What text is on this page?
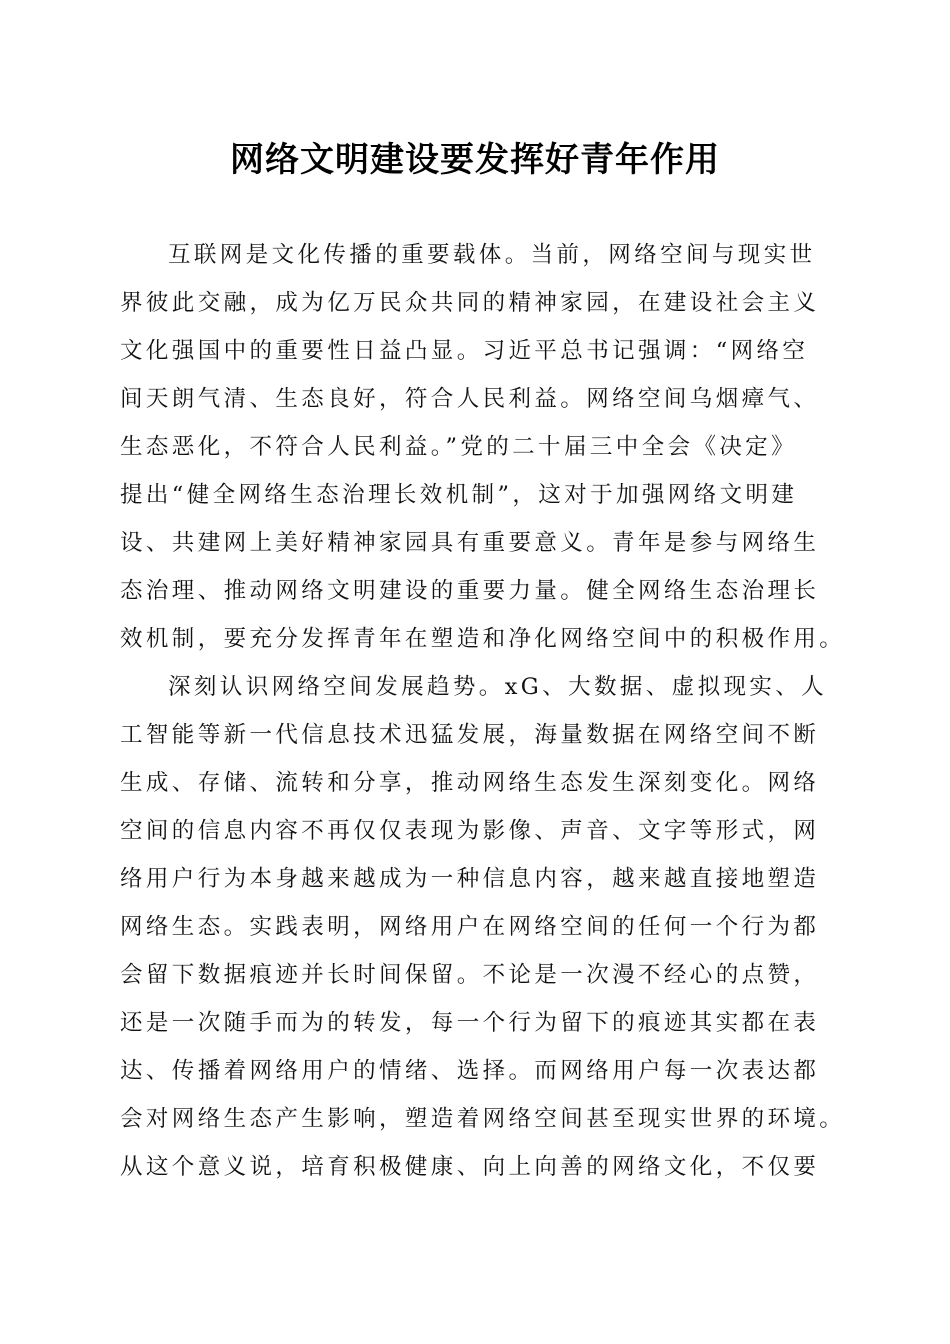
网络文明建设要发挥好青年作用

互联网是文化传播的重要载体。当前，网络空间与现实世

界彼此交融，成为亿万民众共同的精神家园，在建设社会主义

文化强国中的重要性日益凸显。习近平总书记强调：“网络空

间天朗气清、生态良好，符合人民利益。网络空间乌烟瘴气、

生态恶化，不符合人民利益。”党的二十届三中全会《决定》

提出“健全网络生态治理长效机制”，这对于加强网络文明建

设、共建网上美好精神家园具有重要意义。青年是参与网络生

态治理、推动网络文明建设的重要力量。健全网络生态治理长

效机制，要充分发挥青年在塑造和净化网络空间中的积极作用。

深刻认识网络空间发展趋势。xG、大数据、虚拟现实、人

工智能等新一代信息技术迅猛发展，海量数据在网络空间不断

生成、存储、流转和分享，推动网络生态发生深刻变化。网络

空间的信息内容不再仅仅表现为影像、声音、文字等形式，网

络用户行为本身越来越成为一种信息内容，越来越直接地塑造

网络生态。实践表明，网络用户在网络空间的任何一个行为都

会留下数据痕迹并长时间保留。不论是一次漫不经心的点赞，

还是一次随手而为的转发，每一个行为留下的痕迹其实都在表

达、传播着网络用户的情绪、选择。而网络用户每一次表达都

会对网络生态产生影响，塑造着网络空间甚至现实世界的环境。

从这个意义说，培育积极健康、向上向善的网络文化，不仅要
